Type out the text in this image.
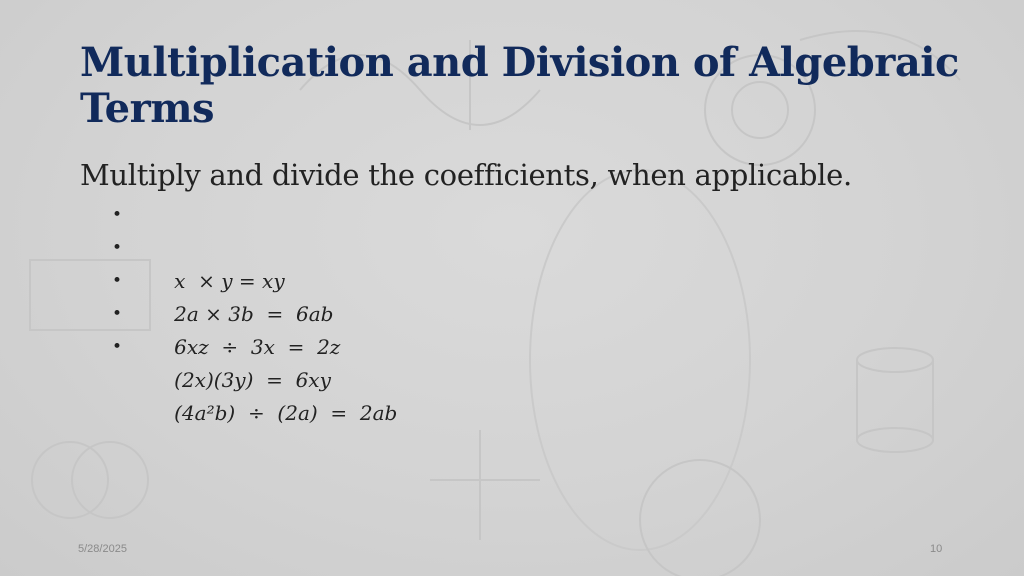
Multiplication and Division of Algebraic Terms

Multiply and divide the coefficients, when applicable.

•

x  × y = xy

•

2a × 3b  =  6ab

•

6xz  ÷  3x  =  2z

•

(2x)(3y)  =  6xy

•

(4a²b)  ÷  (2a)  =  2ab

5/28/2025	10
